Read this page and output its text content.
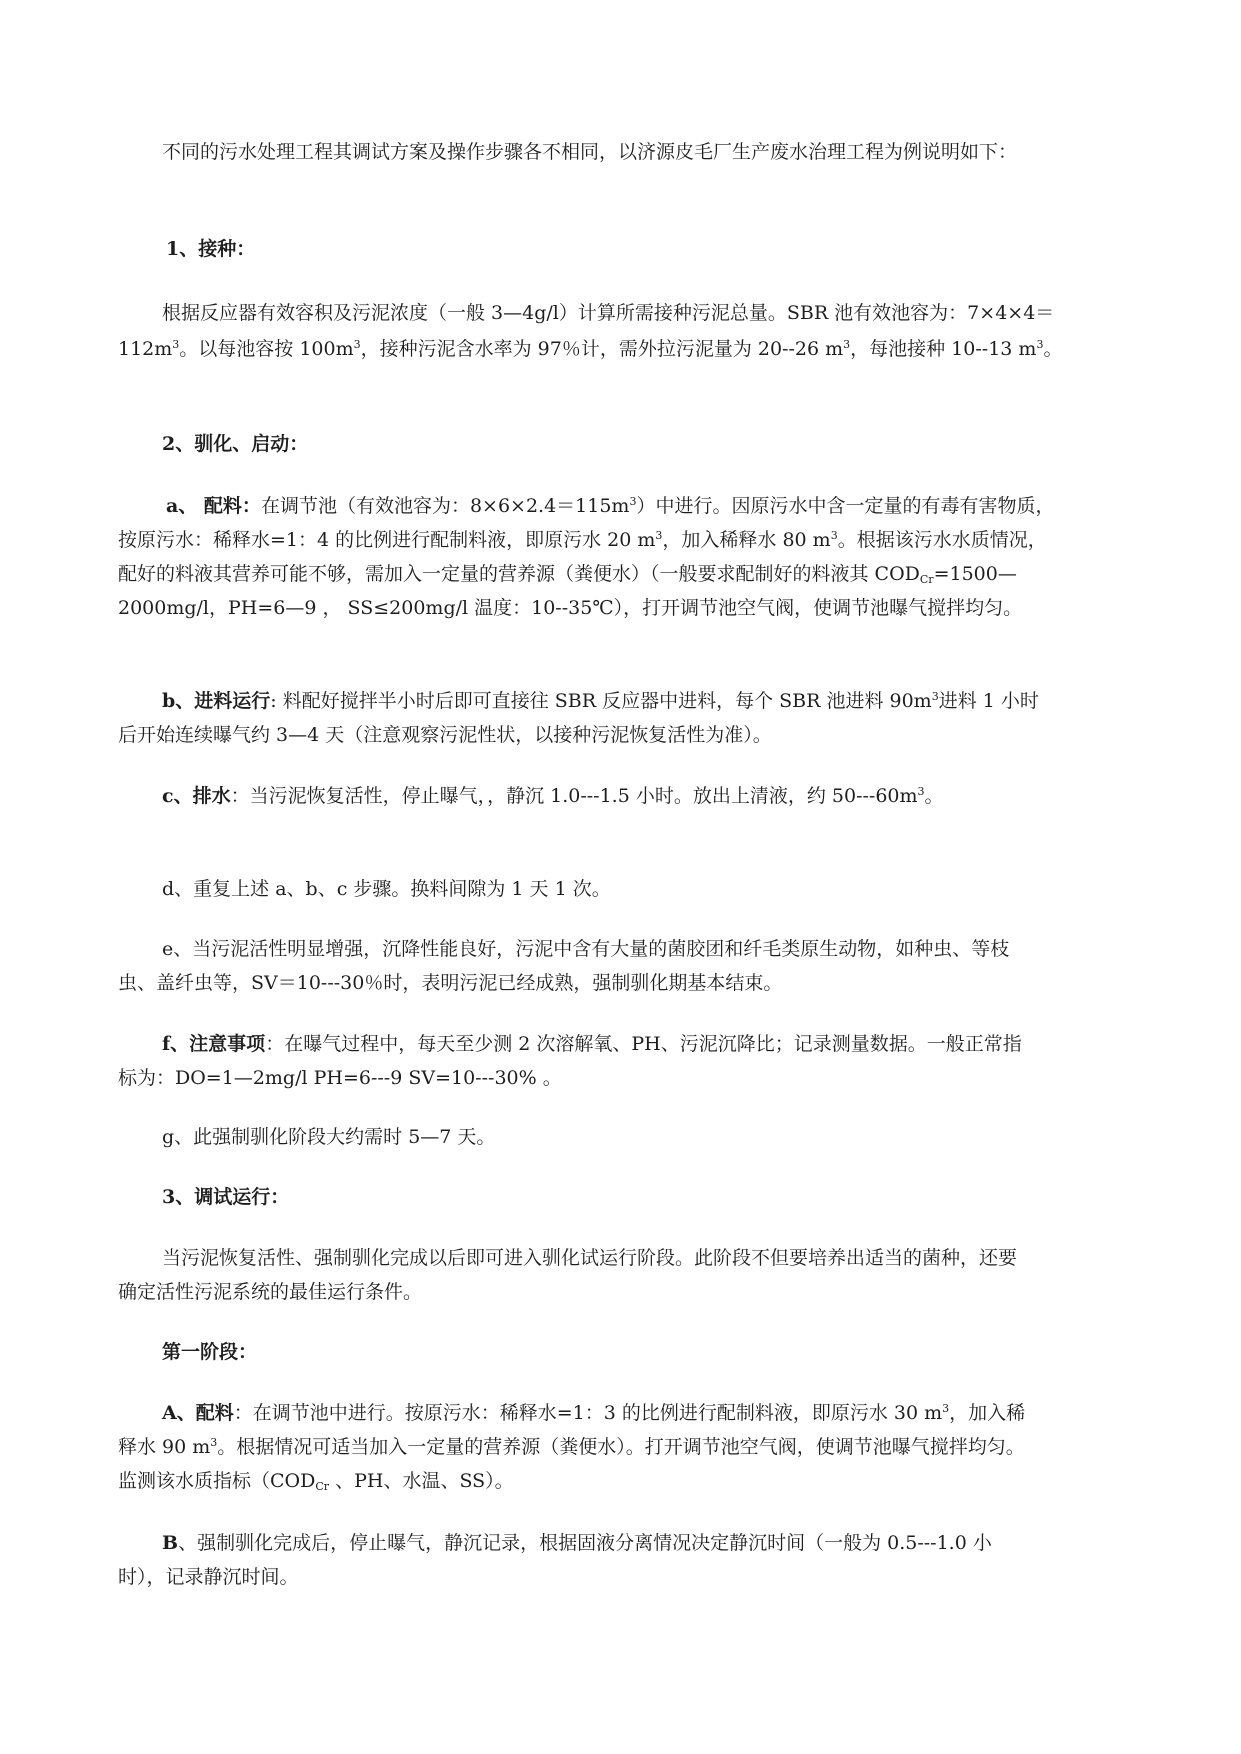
不同的污水处理工程其调试方案及操作步骤各不相同，以济源皮毛厂生产废水治理工程为例说明如下：
1、接种：
根据反应器有效容积及污泥浓度（一般 3—4g/l）计算所需接种污泥总量。SBR 池有效池容为：7×4×4＝
$112m^3$。以每池容按 $100m^3$，接种污泥含水率为 97％计，需外拉污泥量为 20--26 $m^3$，每池接种 10--13 $m^3$。
2、驯化、启动：
a、 配料：在调节池（有效池容为：$8\times 6\times 2.4=115m^3$）中进行。因原污水中含一定量的有毒有害物质，
按原污水：稀释水=1：4 的比例进行配制料液，即原污水 20 $m^3$，加入稀释水 80 $m^3$。根据该污水水质情况，
配好的料液其营养可能不够，需加入一定量的营养源（粪便水）（一般要求配制好的料液其 $COD_{Cr}=1500—$
2000mg/l，PH=6—9 ， SS≤200mg/l 温度：10--35℃），打开调节池空气阀，使调节池曝气搅拌均匀。
b、进料运行: 料配好搅拌半小时后即可直接往 SBR 反应器中进料，每个 SBR 池进料 $90m^3$进料 1 小时
后开始连续曝气约 3—4 天（注意观察污泥性状，以接种污泥恢复活性为准）。
c、排水：当污泥恢复活性，停止曝气，，静沉 1.0---1.5 小时。放出上清液，约 $50---60m^3$。
d、重复上述 a、b、c 步骤。换料间隙为 1 天 1 次。
e、当污泥活性明显增强，沉降性能良好，污泥中含有大量的菌胶团和纤毛类原生动物，如种虫、等枝
虫、盖纤虫等，SV＝10---30％时，表明污泥已经成熟，强制驯化期基本结束。
f、注意事项：在曝气过程中，每天至少测 2 次溶解氧、PH、污泥沉降比；记录测量数据。一般正常指
标为：DO=1—2mg/l PH=6---9 SV=10---30% 。
g、此强制驯化阶段大约需时 5—7 天。
3、调试运行：
当污泥恢复活性、强制驯化完成以后即可进入驯化试运行阶段。此阶段不但要培养出适当的菌种，还要
确定活性污泥系统的最佳运行条件。
第一阶段：
A、配料：在调节池中进行。按原污水：稀释水=1：3 的比例进行配制料液，即原污水 30 $m^3$，加入稀
释水 90 $m^3$。根据情况可适当加入一定量的营养源（粪便水）。打开调节池空气阀，使调节池曝气搅拌均匀。
监测该水质指标（$COD_{Cr}$ 、PH、水温、SS）。
B、强制驯化完成后，停止曝气，静沉记录，根据固液分离情况决定静沉时间（一般为 0.5---1.0 小
时），记录静沉时间。
